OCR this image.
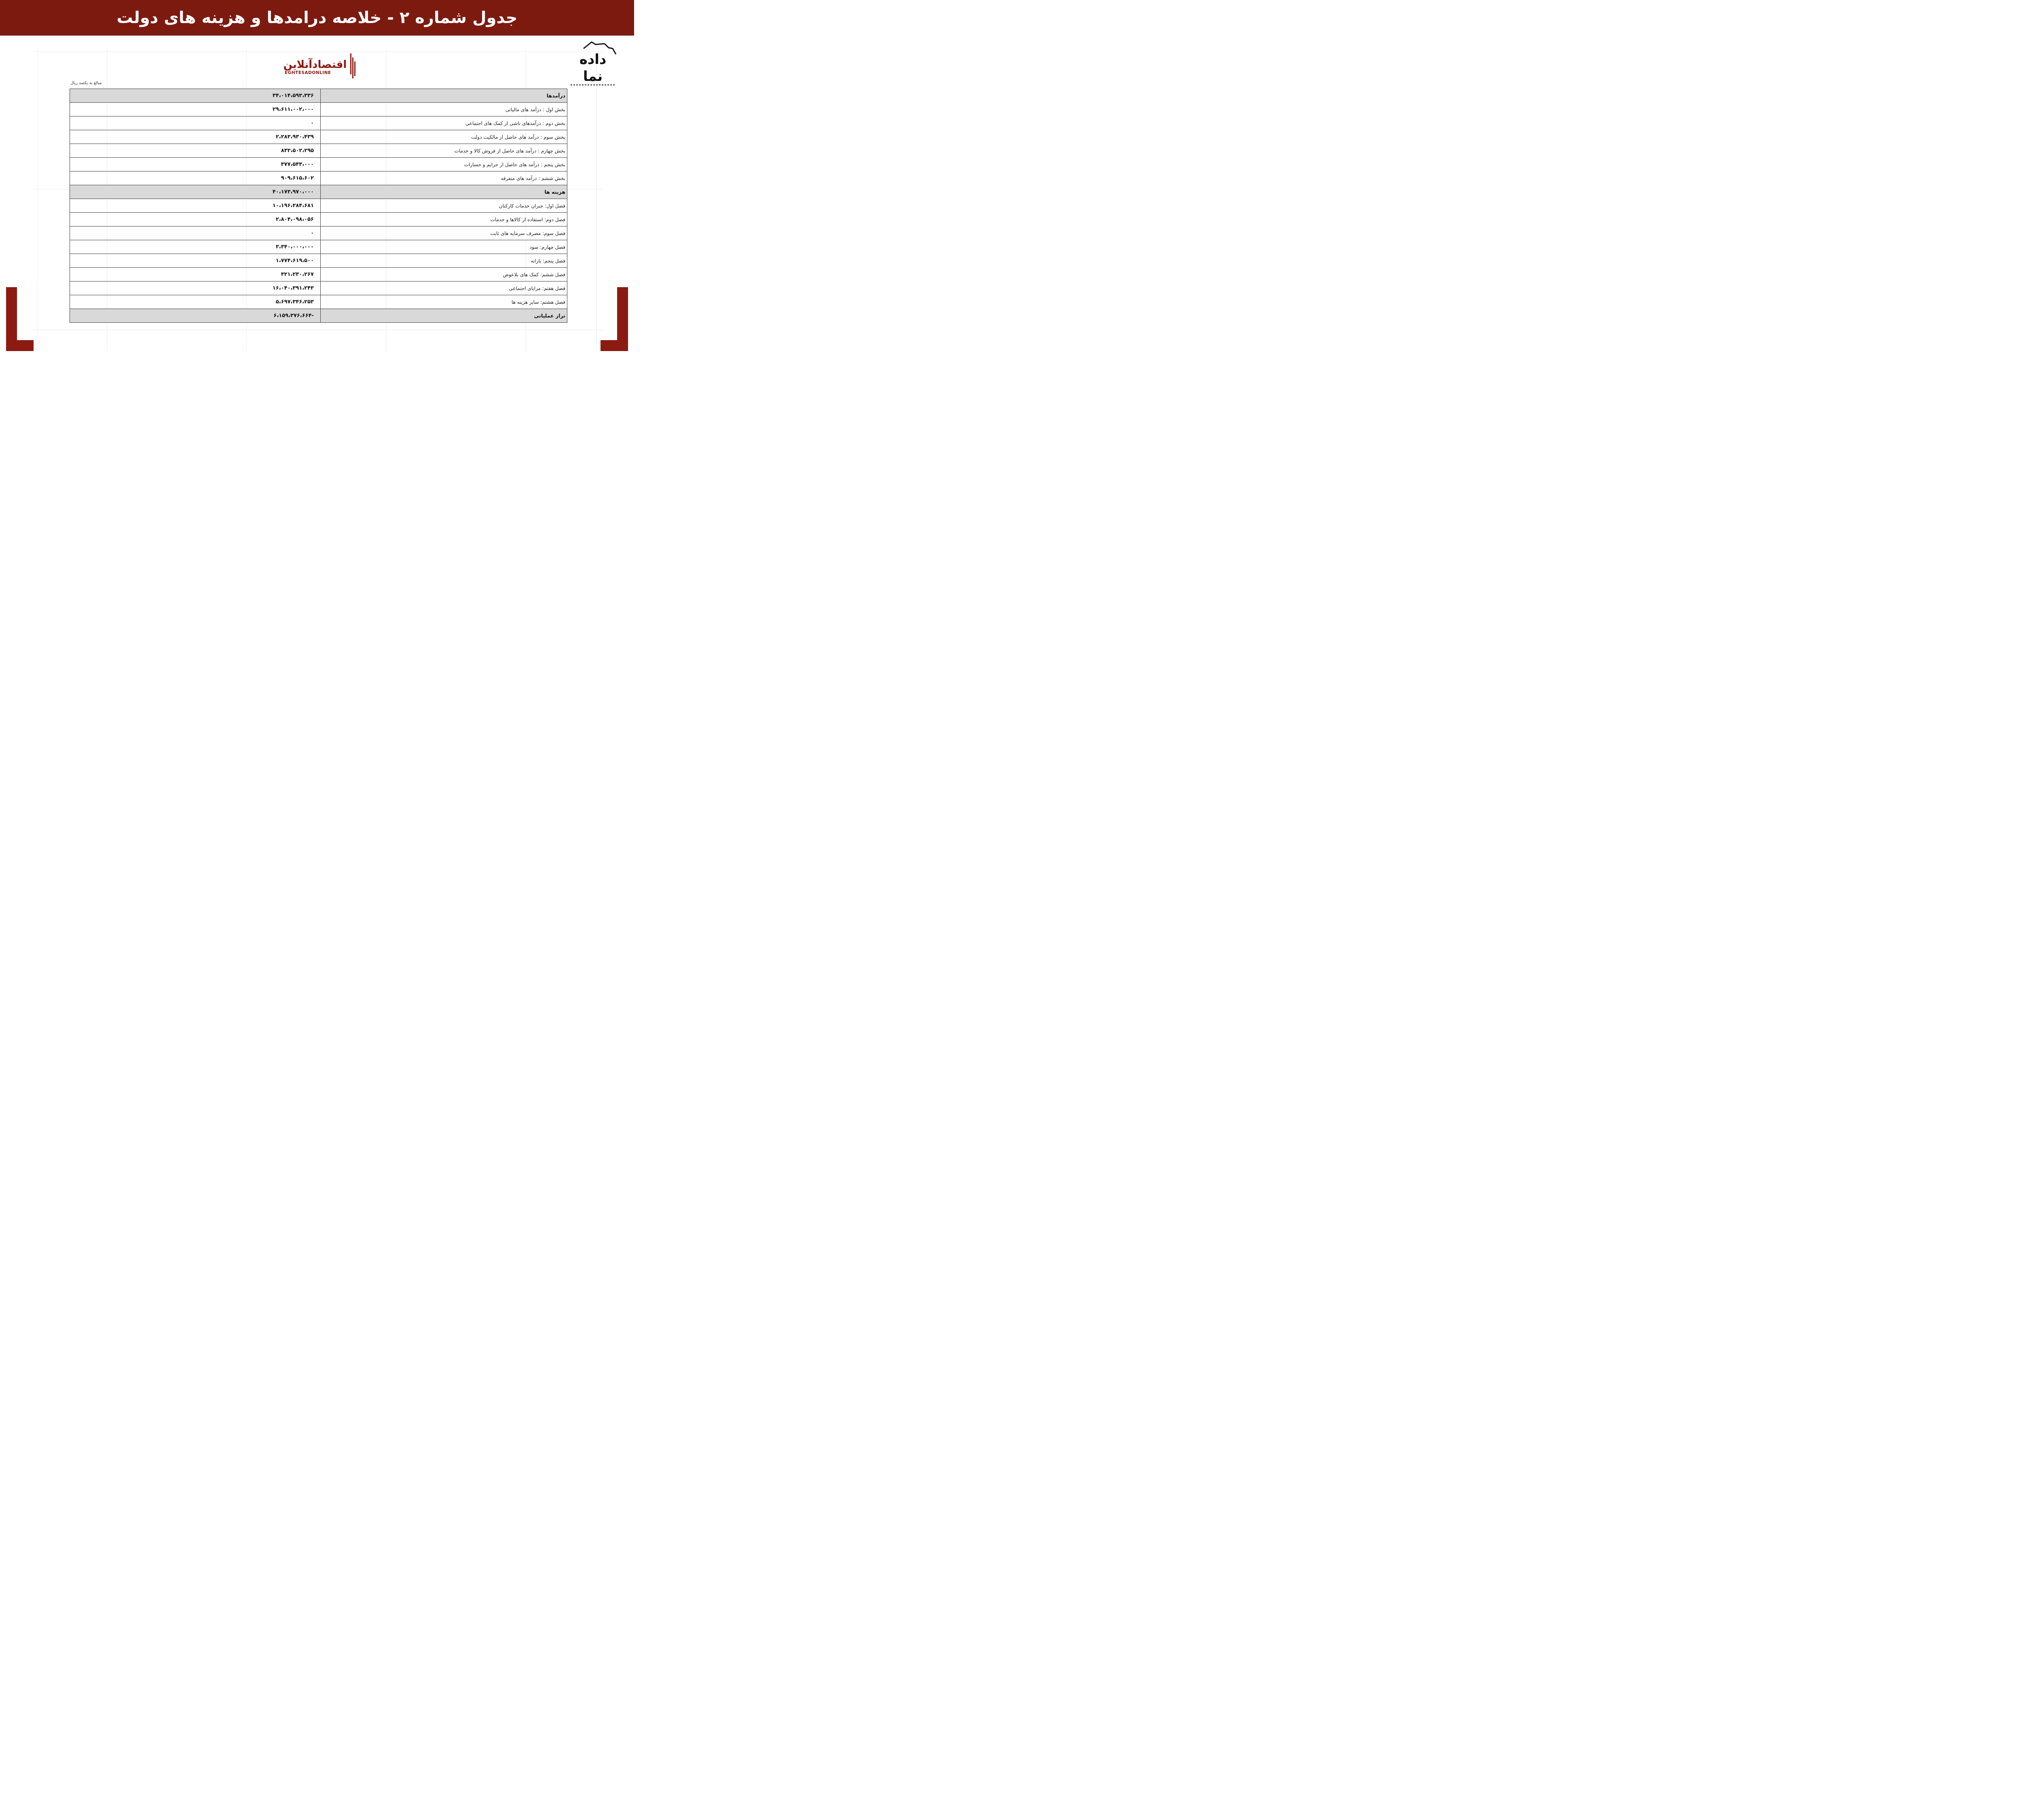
جدول شماره ۲ - خلاصه درامدها و هزینه های دولت
داده
نما
اقتصادآنلاین
EGHTESADONLINE
مبالغ به یکصد ریال
۳۴،۰۱۴،۵۹۳،۳۳۶	درآمدها
۲۹،۶۱۱،۰۰۲،۰۰۰	بخش اول : درآمد های مالیاتی
۰	بخش دوم : درآمدهای ناشی از کمک های اجتماعی
۲،۲۸۳،۹۳۰،۴۳۹	بخش سوم : درآمد های حاصل از مالکیت دولت
۸۳۲،۵۰۲،۲۹۵	بخش چهارم : درآمد های حاصل از فروش کالا و خدمات
۳۷۷،۵۴۳،۰۰۰	بخش پنجم : درآمد های حاصل از جرایم و خسارات
۹۰۹،۶۱۵،۶۰۲	بخش ششم : درآمد های متفرقه
۴۰،۱۷۳،۹۷۰،۰۰۰	هزینه ها
۱۰،۱۹۶،۲۸۴،۶۸۱	فصل اول: جبران خدمات کارکنان
۲،۸۰۴،۰۹۸،۰۵۶	فصل دوم: استفاده از کالاها و خدمات
۰	فصل سوم: مصرف سرمایه های ثابت
۳،۳۴۰،۰۰۰،۰۰۰	فصل چهارم: سود
۱،۷۷۴،۶۱۹،۵۰۰	فصل پنجم: یارانه
۳۲۱،۲۳۰،۲۶۷	فصل ششم: کمک های بلاعوض
۱۶،۰۴۰،۳۹۱،۲۴۳	فصل هفتم: مزایای اجتماعی
۵،۶۹۷،۳۴۶،۲۵۳	فصل هشتم: سایر هزینه ها
-۶،۱۵۹،۳۷۶،۶۶۴	تراز عملیاتی
